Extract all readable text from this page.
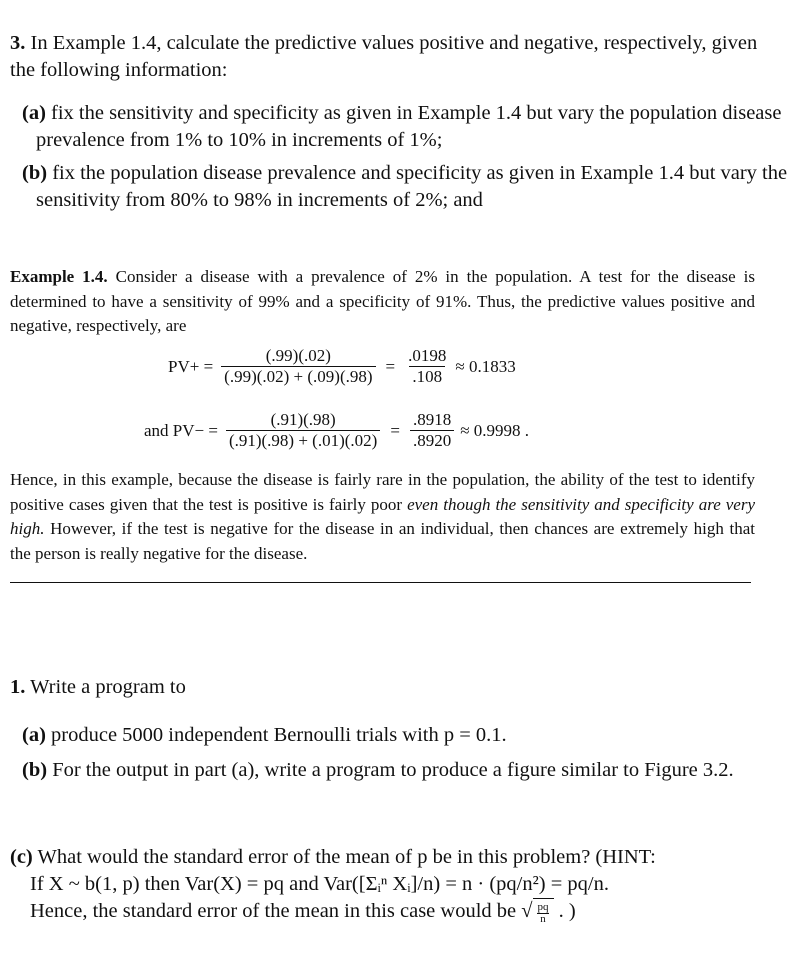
3. In Example 1.4, calculate the predictive values positive and negative, respectively, given the following information:
(a) fix the sensitivity and specificity as given in Example 1.4 but vary the population disease prevalence from 1% to 10% in increments of 1%;
(b) fix the population disease prevalence and specificity as given in Example 1.4 but vary the sensitivity from 80% to 98% in increments of 2%; and
Example 1.4. Consider a disease with a prevalence of 2% in the population. A test for the disease is determined to have a sensitivity of 99% and a specificity of 91%. Thus, the predictive values positive and negative, respectively, are
$PV+ = \frac{(.99)(.02)}{(.99)(.02) + (.09)(.98)} = \frac{.0198}{.108} \approx 0.1833$
and $PV- = \frac{(.91)(.98)}{(.91)(.98) + (.01)(.02)} = \frac{.8918}{.8920} \approx 0.9998$ .
Hence, in this example, because the disease is fairly rare in the population, the ability of the test to identify positive cases given that the test is positive is fairly poor even though the sensitivity and specificity are very high. However, if the test is negative for the disease in an individual, then chances are extremely high that the person is really negative for the disease.
1. Write a program to
(a) produce 5000 independent Bernoulli trials with p = 0.1.
(b) For the output in part (a), write a program to produce a figure similar to Figure 3.2.
(c) What would the standard error of the mean of p be in this problem? (HINT:
If X ~ b(1, p) then Var(X) = pq and Var([Σᵢⁿ Xᵢ]/n) = n · (pq/n²) = pq/n.
Hence, the standard error of the mean in this case would be √ $\frac{pq}{n}$ . )
